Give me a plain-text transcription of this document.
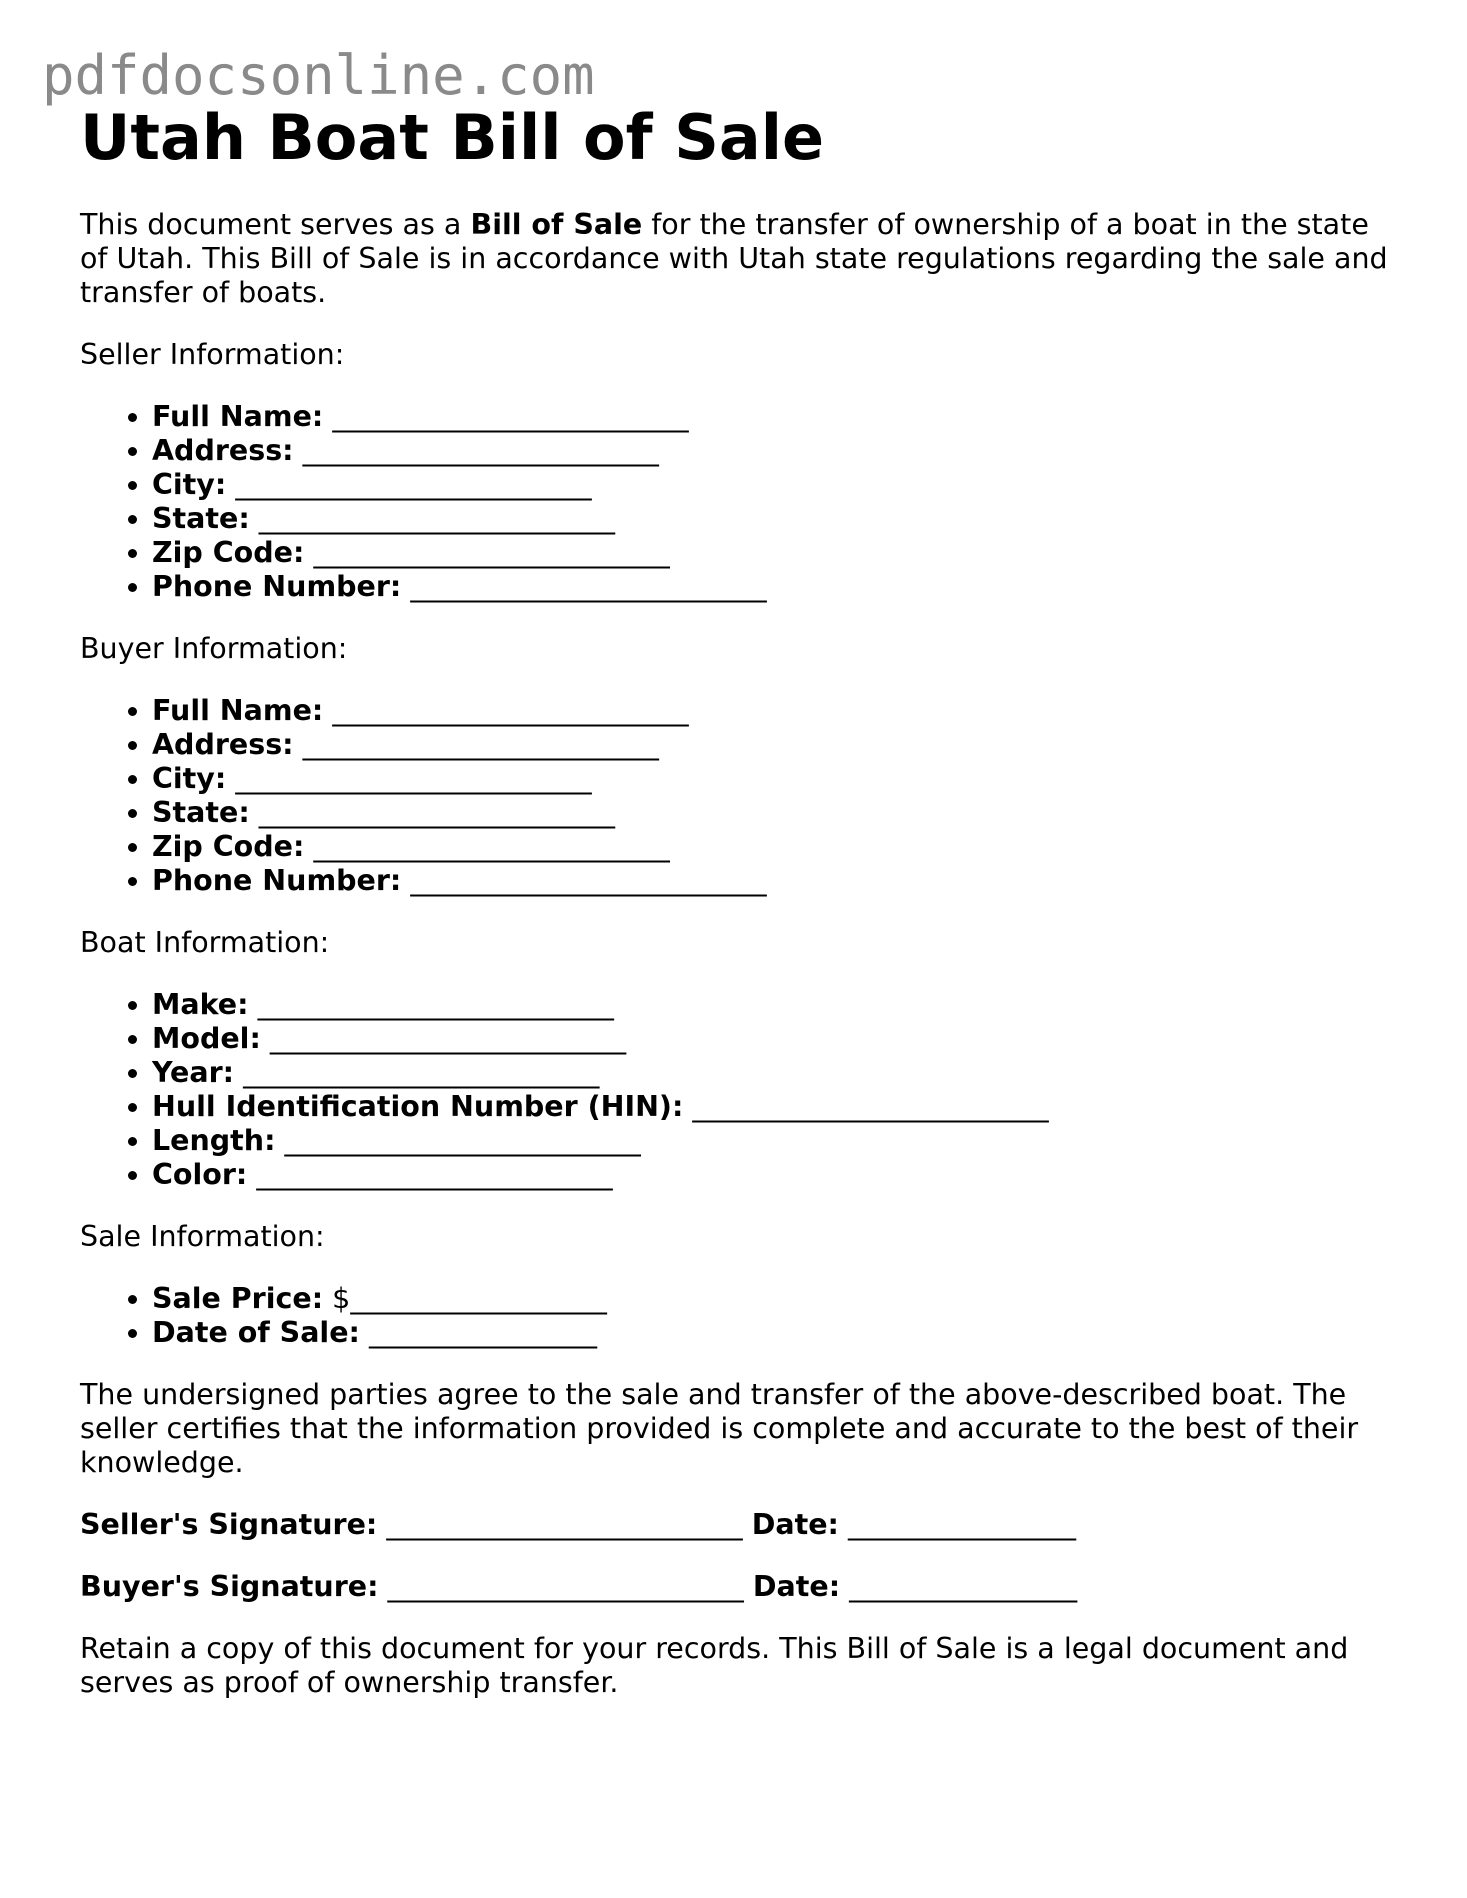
pdfdocsonline.com
Utah Boat Bill of Sale

This document serves as a Bill of Sale for the transfer of ownership of a boat in the state of Utah. This Bill of Sale is in accordance with Utah state regulations regarding the sale and transfer of boats.

Seller Information:

• Full Name: _________________________
• Address: _________________________
• City: _________________________
• State: _________________________
• Zip Code: _________________________
• Phone Number: _________________________

Buyer Information:

• Full Name: _________________________
• Address: _________________________
• City: _________________________
• State: _________________________
• Zip Code: _________________________
• Phone Number: _________________________

Boat Information:

• Make: _________________________
• Model: _________________________
• Year: _________________________
• Hull Identification Number (HIN): _________________________
• Length: _________________________
• Color: _________________________

Sale Information:

• Sale Price: $__________________
• Date of Sale: ________________

The undersigned parties agree to the sale and transfer of the above-described boat. The seller certifies that the information provided is complete and accurate to the best of their knowledge.

Seller's Signature: _________________________ Date: ________________
Buyer's Signature: _________________________ Date: ________________

Retain a copy of this document for your records. This Bill of Sale is a legal document and serves as proof of ownership transfer.
